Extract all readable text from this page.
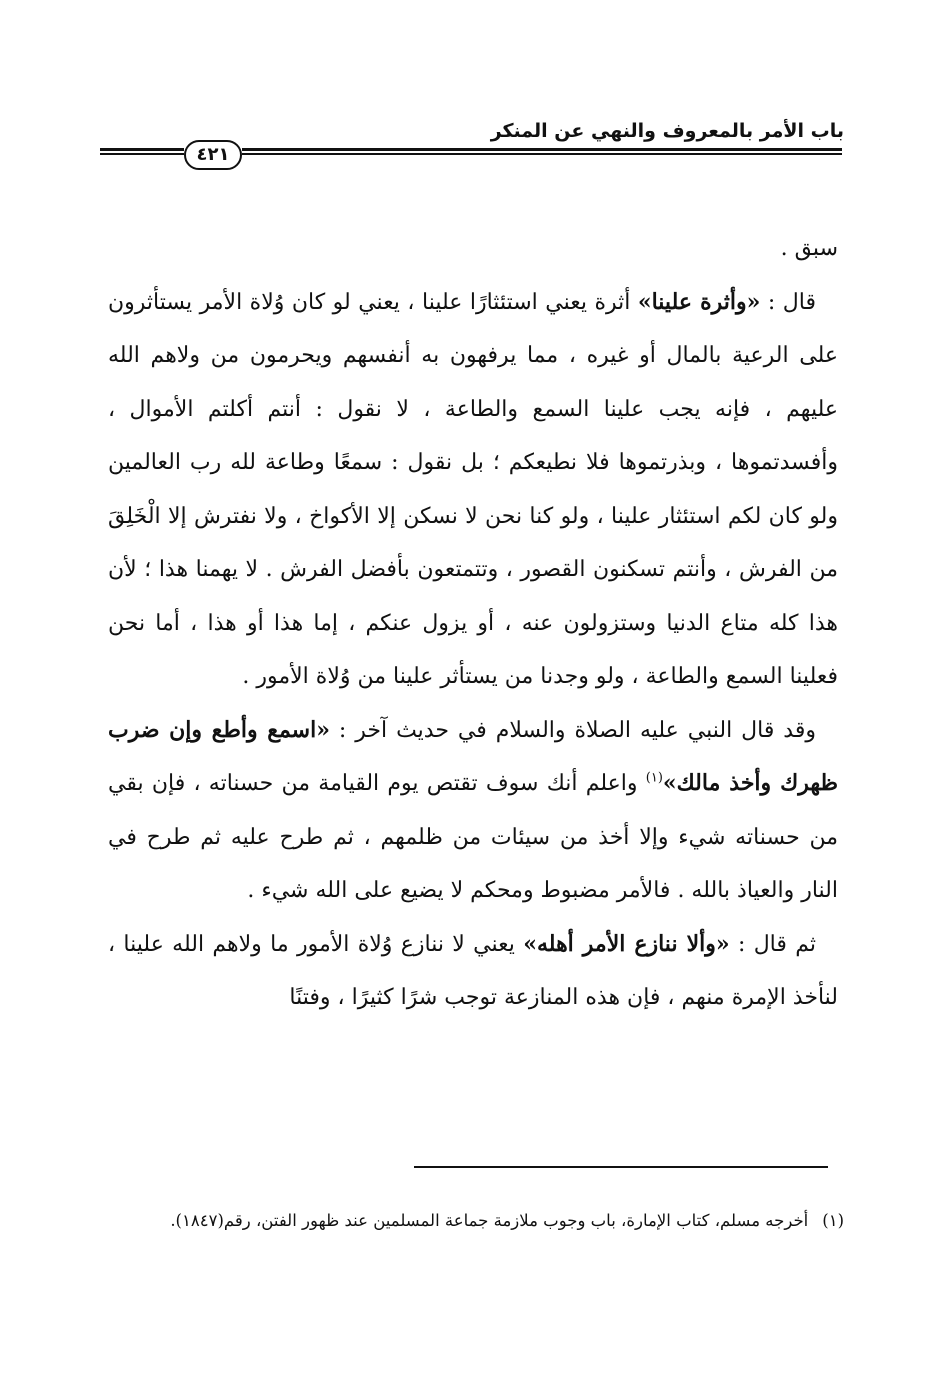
باب الأمر بالمعروف والنهي عن المنكر
٤٢١

سبق .

قال : «وأثرة علينا» أثرة يعني استئثارًا علينا ، يعني لو كان وُلاة الأمر يستأثرون على الرعية بالمال أو غيره ، مما يرفهون به أنفسهم ويحرمون من ولاهم الله عليهم ، فإنه يجب علينا السمع والطاعة ، لا نقول : أنتم أكلتم الأموال ، وأفسدتموها ، وبذرتموها فلا نطيعكم ؛ بل نقول : سمعًا وطاعة لله رب العالمين ولو كان لكم استئثار علينا ، ولو كنا نحن لا نسكن إلا الأكواخ ، ولا نفترش إلا الْخَلِقَ من الفرش ، وأنتم تسكنون القصور ، وتتمتعون بأفضل الفرش . لا يهمنا هذا ؛ لأن هذا كله متاع الدنيا وستزولون عنه ، أو يزول عنكم ، إما هذا أو هذا ، أما نحن فعلينا السمع والطاعة ، ولو وجدنا من يستأثر علينا من وُلاة الأمور .

وقد قال النبي عليه الصلاة والسلام في حديث آخر : «اسمع وأطع وإن ضرب ظهرك وأخذ مالك»$^{(١)}$ واعلم أنك سوف تقتص يوم القيامة من حسناته ، فإن بقي من حسناته شيء وإلا أخذ من سيئات من ظلمهم ، ثم طرح عليه ثم طرح في النار والعياذ بالله . فالأمر مضبوط ومحكم لا يضيع على الله شيء .

ثم قال : «وألا ننازع الأمر أهله» يعني لا ننازع وُلاة الأمور ما ولاهم الله علينا ، لنأخذ الإمرة منهم ، فإن هذه المنازعة توجب شرًا كثيرًا ، وفتنًا

(١)أخرجه مسلم، كتاب الإمارة، باب وجوب ملازمة جماعة المسلمين عند ظهور الفتن، رقم(١٨٤٧).
